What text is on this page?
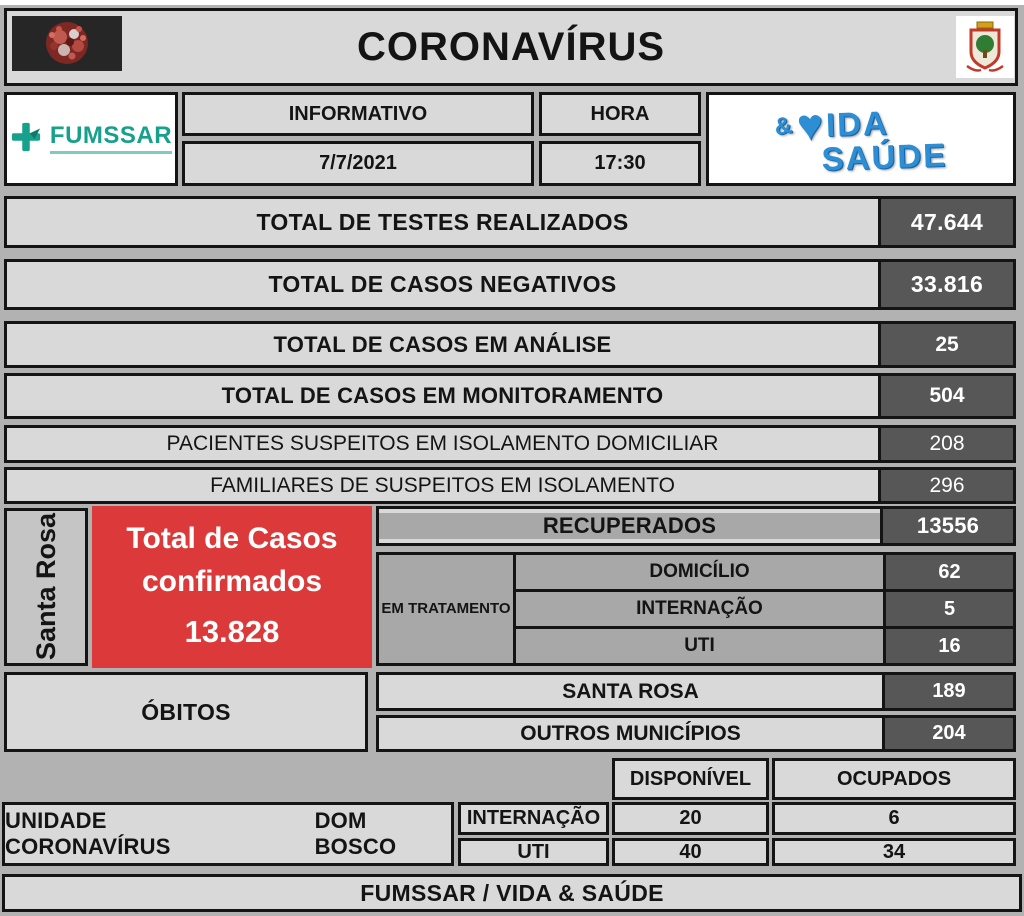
CORONAVÍRUS
FUMSSAR
INFORMATIVO
7/7/2021
HORA
17:30
& ♥ IDA
SAÚDE
TOTAL DE TESTES REALIZADOS	47.644
TOTAL DE CASOS NEGATIVOS	33.816
TOTAL DE CASOS EM ANÁLISE	25
TOTAL DE CASOS EM MONITORAMENTO	504
PACIENTES SUSPEITOS EM ISOLAMENTO DOMICILIAR	208
FAMILIARES DE SUSPEITOS EM ISOLAMENTO	296
Santa Rosa Total de Casos
confirmados
13.828
RECUPERADOS	13556
EM TRATAMENTO
DOMICÍLIO	62
INTERNAÇÃO	5
UTI	16
ÓBITOS
SANTA ROSA	189
OUTROS MUNICÍPIOS	204
DISPONÍVEL	OCUPADOS
UNIDADE CORONAVÍRUS
DOM BOSCO
INTERNAÇÃO	20	6
UTI	40	34
FUMSSAR / VIDA & SAÚDE
